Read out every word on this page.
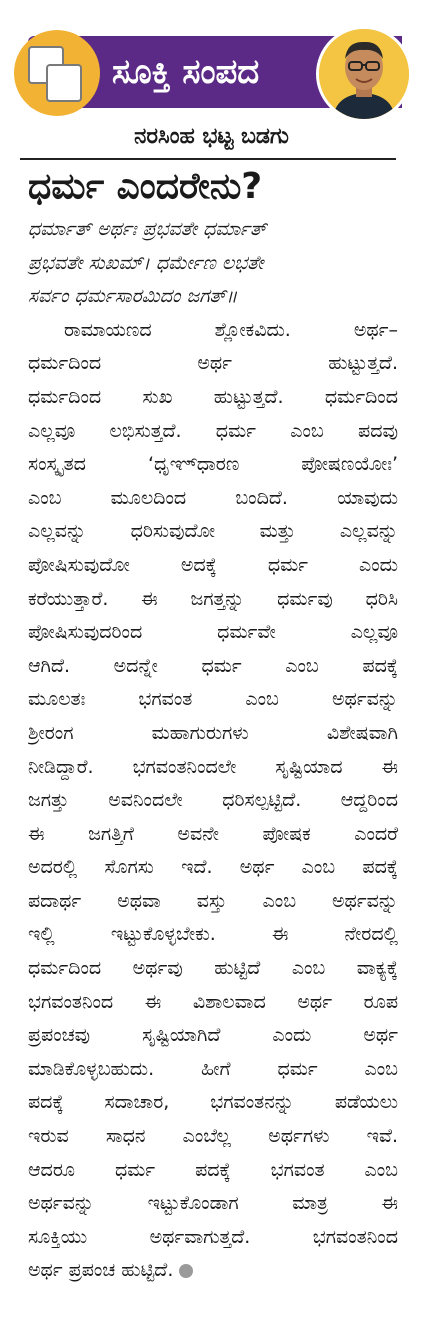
ಸೂಕ್ತಿ ಸಂಪದ
ನರಸಿಂಹ ಭಟ್ಟ ಬಡಗು
ಧರ್ಮ ಎಂದರೇನು?
ಧರ್ಮಾತ್ ಅರ್ಥಃ ಪ್ರಭವತೇ ಧರ್ಮಾತ್
ಪ್ರಭವತೇ ಸುಖಮ್। ಧರ್ಮೇಣ ಲಭತೇ
ಸರ್ವಂ ಧರ್ಮಸಾರಮಿದಂ ಜಗತ್॥
ರಾಮಾಯಣದ ಶ್ಲೋಕವಿದು. ಅರ್ಥ–
ಧರ್ಮದಿಂದ ಅರ್ಥ ಹುಟ್ಟುತ್ತದೆ.
ಧರ್ಮದಿಂದ ಸುಖ ಹುಟ್ಟುತ್ತದೆ. ಧರ್ಮದಿಂದ
ಎಲ್ಲವೂ ಲಭಿಸುತ್ತದೆ. ಧರ್ಮ ಎಂಬ ಪದವು
ಸಂಸ್ಕೃತದ ‘ಧೃಞ್‌ಧಾರಣ ಪೋಷಣಯೋಃ’
ಎಂಬ ಮೂಲದಿಂದ ಬಂದಿದೆ. ಯಾವುದು
ಎಲ್ಲವನ್ನು ಧರಿಸುವುದೋ ಮತ್ತು ಎಲ್ಲವನ್ನು
ಪೋಷಿಸುವುದೋ ಅದಕ್ಕೆ ಧರ್ಮ ಎಂದು
ಕರೆಯುತ್ತಾರೆ. ಈ ಜಗತ್ತನ್ನು ಧರ್ಮವು ಧರಿಸಿ
ಪೋಷಿಸುವುದರಿಂದ ಧರ್ಮವೇ ಎಲ್ಲವೂ
ಆಗಿದೆ. ಅದನ್ನೇ ಧರ್ಮ ಎಂಬ ಪದಕ್ಕೆ
ಮೂಲತಃ ಭಗವಂತ ಎಂಬ ಅರ್ಥವನ್ನು
ಶ್ರೀರಂಗ ಮಹಾಗುರುಗಳು ವಿಶೇಷವಾಗಿ
ನೀಡಿದ್ದಾರೆ. ಭಗವಂತನಿಂದಲೇ ಸೃಷ್ಟಿಯಾದ ಈ
ಜಗತ್ತು ಅವನಿಂದಲೇ ಧರಿಸಲ್ಪಟ್ಟಿದೆ. ಆದ್ದರಿಂದ
ಈ ಜಗತ್ತಿಗೆ ಅವನೇ ಪೋಷಕ ಎಂದರೆ
ಅದರಲ್ಲಿ ಸೊಗಸು ಇದೆ. ಅರ್ಥ ಎಂಬ ಪದಕ್ಕೆ
ಪದಾರ್ಥ ಅಥವಾ ವಸ್ತು ಎಂಬ ಅರ್ಥವನ್ನು
ಇಲ್ಲಿ ಇಟ್ಟುಕೊಳ್ಳಬೇಕು. ಈ ನೇರದಲ್ಲಿ
ಧರ್ಮದಿಂದ ಅರ್ಥವು ಹುಟ್ಟಿದೆ ಎಂಬ ವಾಕ್ಯಕ್ಕೆ
ಭಗವಂತನಿಂದ ಈ ವಿಶಾಲವಾದ ಅರ್ಥ ರೂಪ
ಪ್ರಪಂಚವು ಸೃಷ್ಟಿಯಾಗಿದೆ ಎಂದು ಅರ್ಥ
ಮಾಡಿಕೊಳ್ಳಬಹುದು. ಹೀಗೆ ಧರ್ಮ ಎಂಬ
ಪದಕ್ಕೆ ಸದಾಚಾರ, ಭಗವಂತನನ್ನು ಪಡೆಯಲು
ಇರುವ ಸಾಧನ ಎಂಬೆಲ್ಲ ಅರ್ಥಗಳು ಇವೆ.
ಆದರೂ ಧರ್ಮ ಪದಕ್ಕೆ ಭಗವಂತ ಎಂಬ
ಅರ್ಥವನ್ನು ಇಟ್ಟುಕೊಂಡಾಗ ಮಾತ್ರ ಈ
ಸೂಕ್ತಿಯು ಅರ್ಥವಾಗುತ್ತದೆ. ಭಗವಂತನಿಂದ
ಅರ್ಥ ಪ್ರಪಂಚ ಹುಟ್ಟಿದೆ.
